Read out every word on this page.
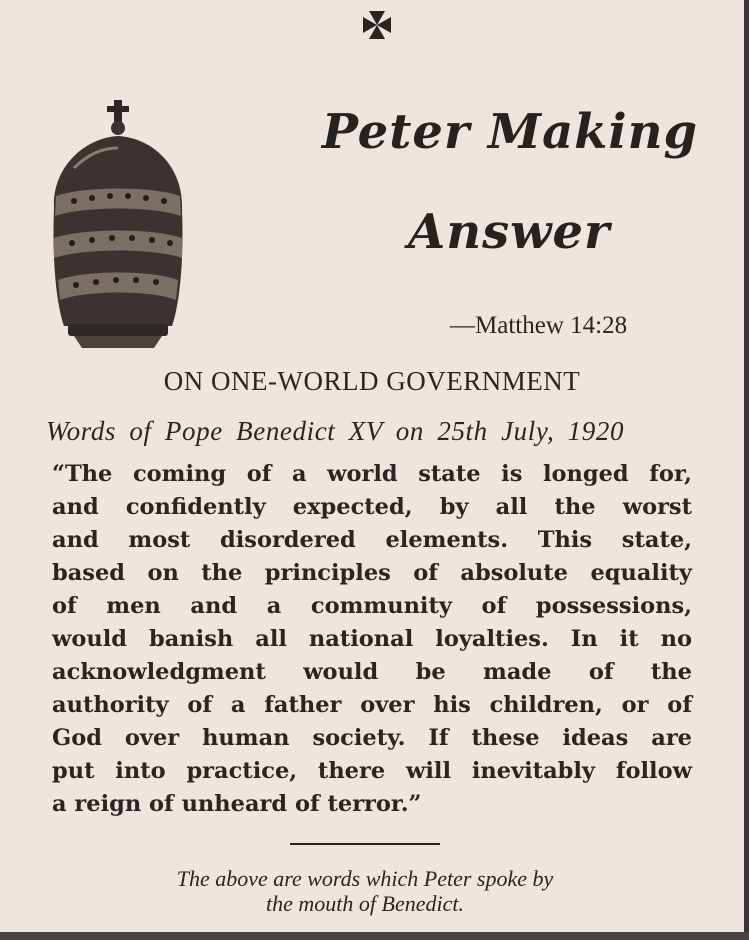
Peter Making
Answer
—Matthew 14:28
ON ONE-WORLD GOVERNMENT
Words of Pope Benedict XV on 25th July, 1920
“The coming of a world state is longed for,
and confidently expected, by all the worst
and most disordered elements. This state,
based on the principles of absolute equality
of men and a community of possessions,
would banish all national loyalties. In it no
acknowledgment would be made of the
authority of a father over his children, or of
God over human society. If these ideas are
put into practice, there will inevitably follow
a reign of unheard of terror.”
The above are words which Peter spoke by
the mouth of Benedict.
